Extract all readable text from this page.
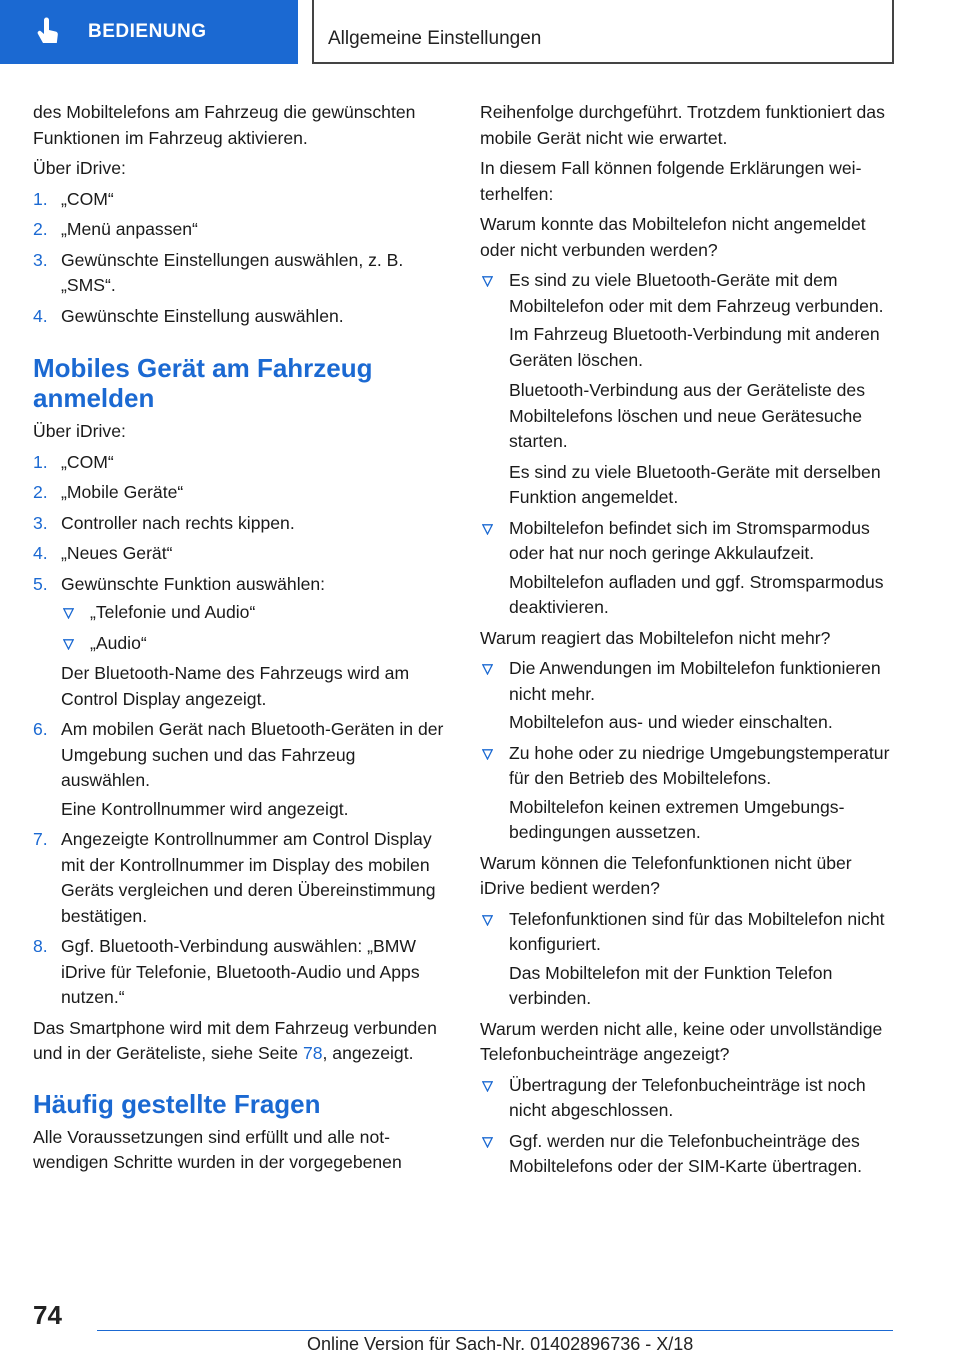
BEDIENUNG	Allgemeine Einstellungen

des Mobiltelefons am Fahrzeug die gewünschten Funktionen im Fahrzeug aktivieren.

Über iDrive:

1. „COM“
2. „Menü anpassen“
3. Gewünschte Einstellungen auswählen, z. B. „SMS“.
4. Gewünschte Einstellung auswählen.
Mobiles Gerät am Fahrzeug anmelden

Über iDrive:

1. „COM“
2. „Mobile Geräte“
3. Controller nach rechts kippen.
4. „Neues Gerät“
5. Gewünschte Funktion auswählen:
„Telefonie und Audio“
„Audio“
Der Bluetooth-Name des Fahrzeugs wird am Control Display angezeigt.
6. Am mobilen Gerät nach Bluetooth-Geräten in der Umgebung suchen und das Fahrzeug auswählen.
Eine Kontrollnummer wird angezeigt.
7. Angezeigte Kontrollnummer am Control Display mit der Kontrollnummer im Display des mobilen Geräts vergleichen und deren Übereinstimmung bestätigen.
8. Ggf. Bluetooth-Verbindung auswählen: „BMW iDrive für Telefonie, Bluetooth-Audio und Apps nutzen.“

Das Smartphone wird mit dem Fahrzeug verbunden und in der Geräteliste, siehe Seite 78, angezeigt.

Häufig gestellte Fragen

Alle Voraussetzungen sind erfüllt und alle notwendigen Schritte wurden in der vorgegebenen

Reihenfolge durchgeführt. Trotzdem funktioniert das mobile Gerät nicht wie erwartet.

In diesem Fall können folgende Erklärungen weiterhelfen:

Warum konnte das Mobiltelefon nicht angemeldet oder nicht verbunden werden?

Es sind zu viele Bluetooth-Geräte mit dem Mobiltelefon oder mit dem Fahrzeug verbunden.
Im Fahrzeug Bluetooth-Verbindung mit anderen Geräten löschen.
Bluetooth-Verbindung aus der Geräteliste des Mobiltelefons löschen und neue Gerätesuche starten.
Es sind zu viele Bluetooth-Geräte mit derselben Funktion angemeldet.
Mobiltelefon befindet sich im Stromsparmodus oder hat nur noch geringe Akkulaufzeit.
Mobiltelefon aufladen und ggf. Stromsparmodus deaktivieren.

Warum reagiert das Mobiltelefon nicht mehr?

Die Anwendungen im Mobiltelefon funktionieren nicht mehr.
Mobiltelefon aus- und wieder einschalten.
Zu hohe oder zu niedrige Umgebungstemperatur für den Betrieb des Mobiltelefons.
Mobiltelefon keinen extremen Umgebungsbedingungen aussetzen.

Warum können die Telefonfunktionen nicht über iDrive bedient werden?

Telefonfunktionen sind für das Mobiltelefon nicht konfiguriert.
Das Mobiltelefon mit der Funktion Telefon verbinden.

Warum werden nicht alle, keine oder unvollständige Telefonbucheinträge angezeigt?

Übertragung der Telefonbucheinträge ist noch nicht abgeschlossen.
Ggf. werden nur die Telefonbucheinträge des Mobiltelefons oder der SIM-Karte übertragen.
74
Online Version für Sach-Nr. 01402896736 - X/18
